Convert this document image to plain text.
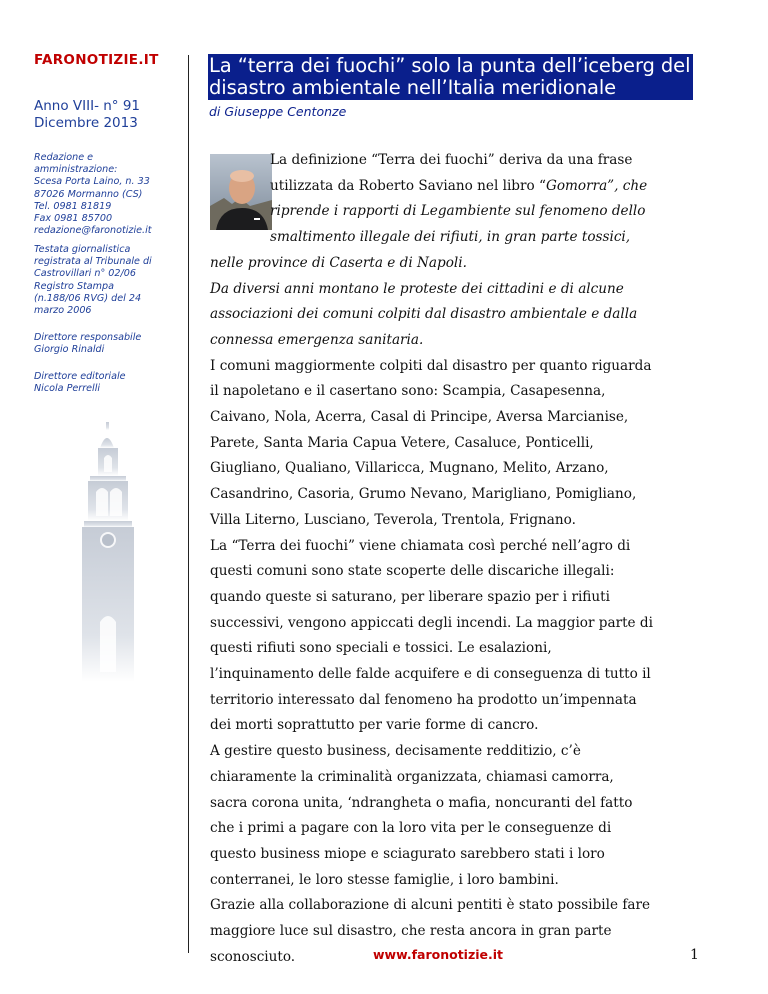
FARONOTIZIE.IT
Anno VIII- n° 91
Dicembre 2013
Redazione e
amministrazione:
Scesa Porta Laino, n. 33
87026 Mormanno (CS)
Tel. 0981 81819
Fax 0981 85700
redazione@faronotizie.it
Testata giornalistica
registrata al Tribunale di
Castrovillari n° 02/06
Registro Stampa
(n.188/06 RVG) del 24
marzo 2006
Direttore responsabile
Giorgio Rinaldi
Direttore editoriale
Nicola Perrelli
La “terra dei fuochi” solo la punta dell’iceberg del
disastro ambientale nell’Italia meridionale
di Giuseppe Centonze

La definizione “Terra dei fuochi” deriva da una frase

utilizzata da Roberto Saviano nel libro “Gomorra”, che

riprende i rapporti di Legambiente sul fenomeno dello

smaltimento illegale dei rifiuti, in gran parte tossici,

nelle province di Caserta e di Napoli.

Da diversi anni montano le proteste dei cittadini e di alcune

associazioni dei comuni colpiti dal disastro ambientale e dalla

connessa emergenza sanitaria.

I comuni maggiormente colpiti dal disastro per quanto riguarda

il napoletano e il casertano sono: Scampia, Casapesenna,

Caivano, Nola, Acerra, Casal di Principe, Aversa Marcianise,

Parete, Santa Maria Capua Vetere, Casaluce, Ponticelli,

Giugliano, Qualiano, Villaricca, Mugnano, Melito, Arzano,

Casandrino, Casoria, Grumo Nevano, Marigliano, Pomigliano,

Villa Literno, Lusciano, Teverola, Trentola, Frignano.

La “Terra dei fuochi” viene chiamata così perché nell’agro di

questi comuni sono state scoperte delle discariche illegali:

quando queste si saturano, per liberare spazio per i rifiuti

successivi, vengono appiccati degli incendi. La maggior parte di

questi rifiuti sono speciali e tossici. Le esalazioni,

l’inquinamento delle falde acquifere e di conseguenza di tutto il

territorio interessato dal fenomeno ha prodotto un’impennata

dei morti soprattutto per varie forme di cancro.

A gestire questo business, decisamente redditizio, c’è

chiaramente la criminalità organizzata, chiamasi camorra,

sacra corona unita, ‘ndrangheta o mafia, noncuranti del fatto

che i primi a pagare con la loro vita per le conseguenze di

questo business miope e sciagurato sarebbero stati i loro

conterranei, le loro stesse famiglie, i loro bambini.

Grazie alla collaborazione di alcuni pentiti è stato possibile fare

maggiore luce sul disastro, che resta ancora in gran parte

sconosciuto.	www.faronotizie.it	1
